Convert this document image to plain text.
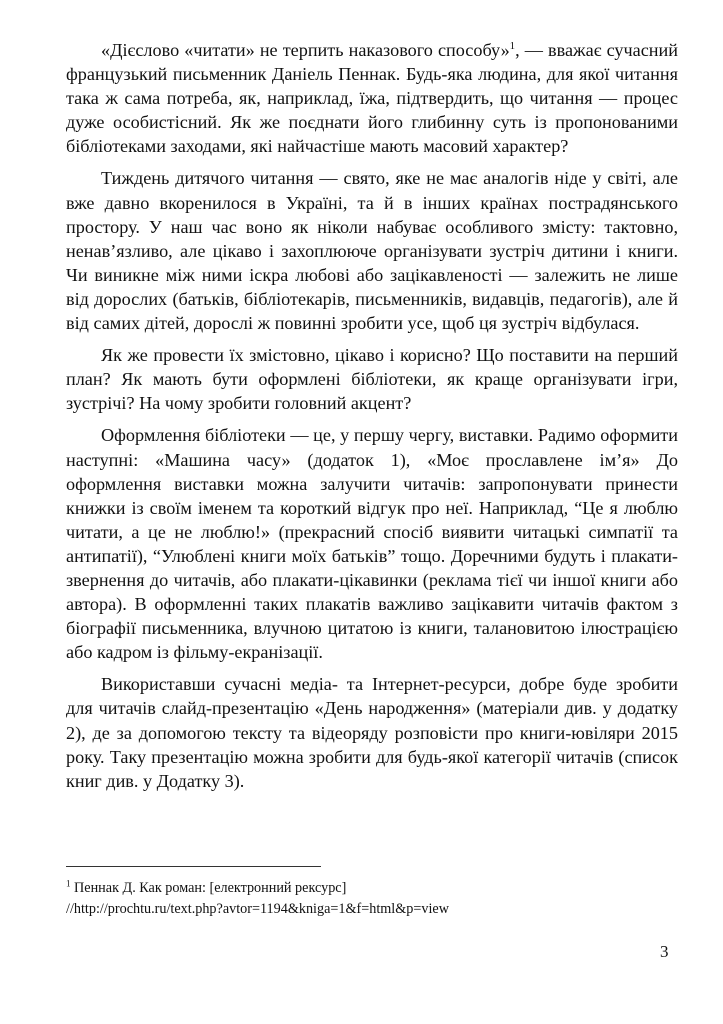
«Дієслово «читати» не терпить наказового способу»$^1$, — вважає сучасний французький письменник Даніель Пеннак. Будь-яка людина, для якої читання така ж сама потреба, як, наприклад, їжа, підтвердить, що читання — процес дуже особистісний. Як же поєднати його глибинну суть із пропонованими бібліотеками заходами, які найчастіше мають масовий характер?

Тиждень дитячого читання — свято, яке не має аналогів ніде у світі, але вже давно вкоренилося в Україні, та й в інших країнах пострадянського простору. У наш час воно як ніколи набуває особливого змісту: тактовно, ненав’язливо, але цікаво і захоплююче організувати зустріч дитини і книги. Чи виникне між ними іскра любові або зацікавленості — залежить не лише від дорослих (батьків, бібліотекарів, письменників, видавців, педагогів), але й від самих дітей, дорослі ж повинні зробити усе, щоб ця зустріч відбулася.

Як же провести їх змістовно, цікаво і корисно? Що поставити на перший план? Як мають бути оформлені бібліотеки, як краще організувати ігри, зустрічі? На чому зробити головний акцент?

Оформлення бібліотеки — це, у першу чергу, виставки. Радимо оформити наступні: «Машина часу» (додаток 1), «Моє прославлене ім’я» До оформлення виставки можна залучити читачів: запропонувати принести книжки із своїм іменем та короткий відгук про неї. Наприклад, “Це я люблю читати, а це не люблю!» (прекрасний спосіб виявити читацькі симпатії та антипатії), “Улюблені книги моїх батьків” тощо. Доречними будуть і плакати-звернення до читачів, або плакати-цікавинки (реклама тієї чи іншої книги або автора). В оформленні таких плакатів важливо зацікавити читачів фактом з біографії письменника, влучною цитатою із книги, талановитою ілюстрацією або кадром із фільму-екранізації.

Використавши сучасні медіа- та Інтернет-ресурси, добре буде зробити для читачів слайд-презентацію «День народження» (матеріали див. у додатку 2), де за допомогою тексту та відеоряду розповісти про книги-ювіляри 2015 року. Таку презентацію можна зробити для будь-якої категорії читачів (список книг див. у Додатку 3).

$^1$ Пеннак Д. Как роман: [електронний рексурс]
//http://prochtu.ru/text.php?avtor=1194&kniga=1&f=html&p=view
3
